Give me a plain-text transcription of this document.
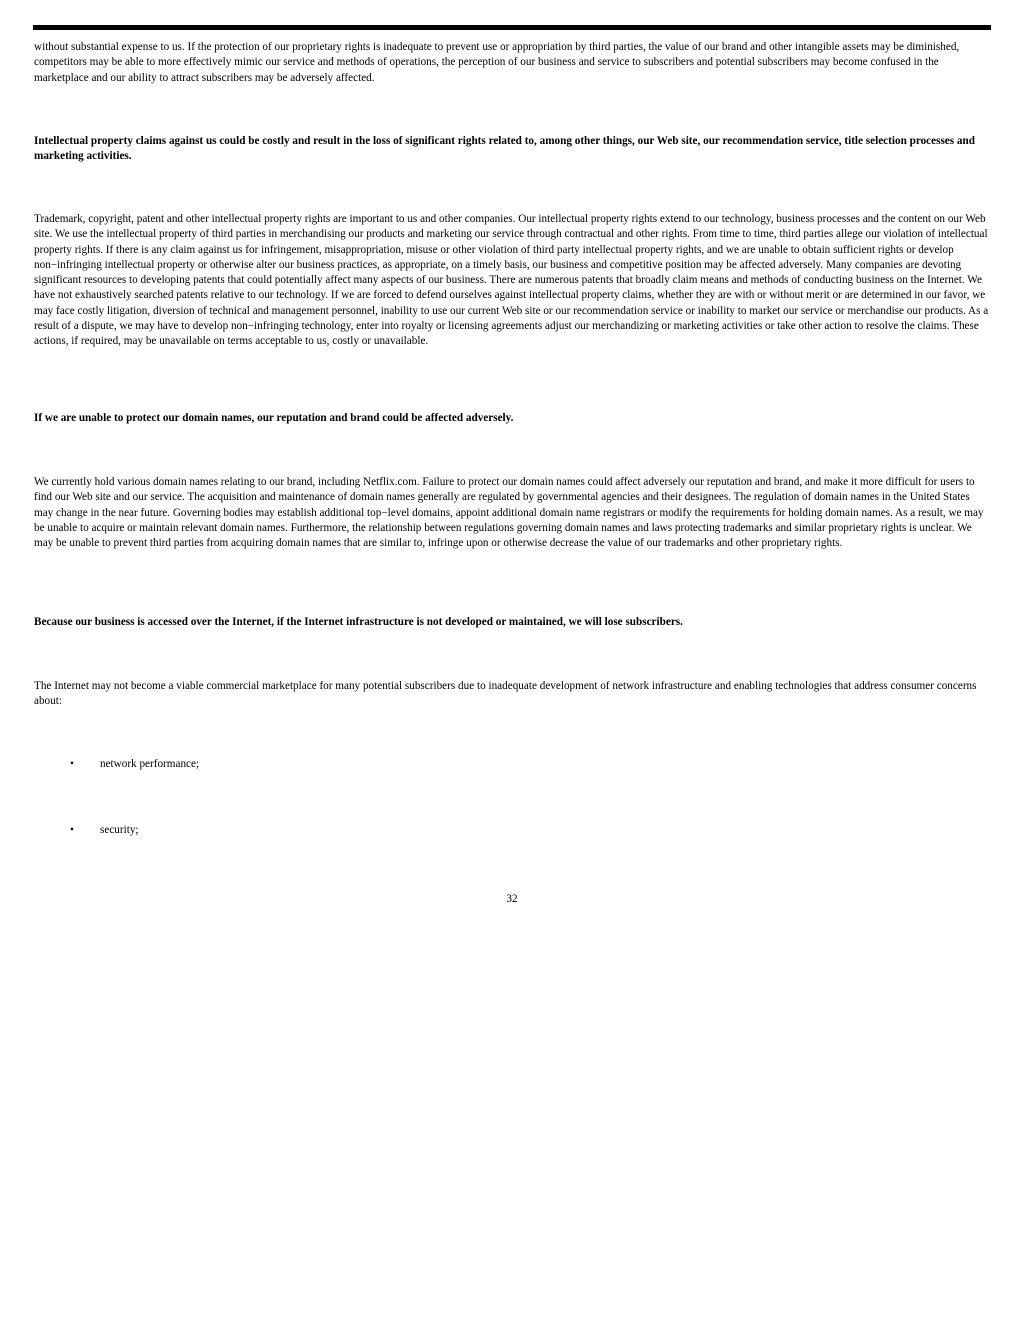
without substantial expense to us. If the protection of our proprietary rights is inadequate to prevent use or appropriation by third parties, the value of our brand and other intangible assets may be diminished, competitors may be able to more effectively mimic our service and methods of operations, the perception of our business and service to subscribers and potential subscribers may become confused in the marketplace and our ability to attract subscribers may be adversely affected.

Intellectual property claims against us could be costly and result in the loss of significant rights related to, among other things, our Web site, our recommendation service, title selection processes and marketing activities.

Trademark, copyright, patent and other intellectual property rights are important to us and other companies. Our intellectual property rights extend to our technology, business processes and the content on our Web site. We use the intellectual property of third parties in merchandising our products and marketing our service through contractual and other rights. From time to time, third parties allege our violation of intellectual property rights. If there is any claim against us for infringement, misappropriation, misuse or other violation of third party intellectual property rights, and we are unable to obtain sufficient rights or develop non−infringing intellectual property or otherwise alter our business practices, as appropriate, on a timely basis, our business and competitive position may be affected adversely. Many companies are devoting significant resources to developing patents that could potentially affect many aspects of our business. There are numerous patents that broadly claim means and methods of conducting business on the Internet. We have not exhaustively searched patents relative to our technology. If we are forced to defend ourselves against intellectual property claims, whether they are with or without merit or are determined in our favor, we may face costly litigation, diversion of technical and management personnel, inability to use our current Web site or our recommendation service or inability to market our service or merchandise our products. As a result of a dispute, we may have to develop non−infringing technology, enter into royalty or licensing agreements adjust our merchandizing or marketing activities or take other action to resolve the claims. These actions, if required, may be unavailable on terms acceptable to us, costly or unavailable.

If we are unable to protect our domain names, our reputation and brand could be affected adversely.

We currently hold various domain names relating to our brand, including Netflix.com. Failure to protect our domain names could affect adversely our reputation and brand, and make it more difficult for users to find our Web site and our service. The acquisition and maintenance of domain names generally are regulated by governmental agencies and their designees. The regulation of domain names in the United States may change in the near future. Governing bodies may establish additional top−level domains, appoint additional domain name registrars or modify the requirements for holding domain names. As a result, we may be unable to acquire or maintain relevant domain names. Furthermore, the relationship between regulations governing domain names and laws protecting trademarks and similar proprietary rights is unclear. We may be unable to prevent third parties from acquiring domain names that are similar to, infringe upon or otherwise decrease the value of our trademarks and other proprietary rights.

Because our business is accessed over the Internet, if the Internet infrastructure is not developed or maintained, we will lose subscribers.

The Internet may not become a viable commercial marketplace for many potential subscribers due to inadequate development of network infrastructure and enabling technologies that address consumer concerns about:

•	network performance;
•	security;
32
